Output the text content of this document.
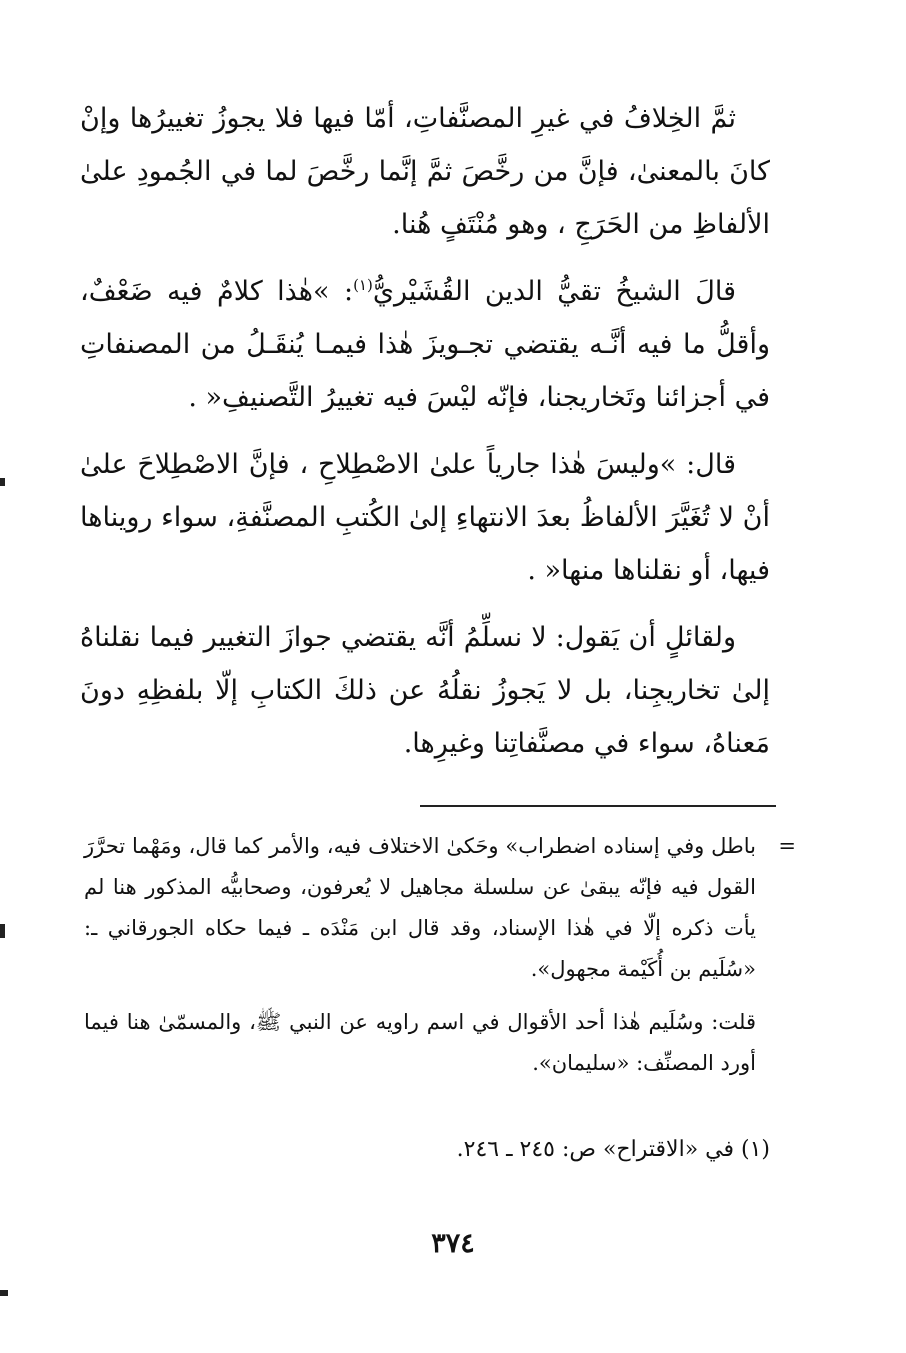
ثمَّ الخِلافُ في غيرِ المصنَّفاتِ، أمّا فيها فلا يجوزُ تغييرُها وإنْ كانَ بالمعنىٰ، فإنَّ من رخَّصَ ثمَّ إنَّما رخَّصَ لما في الجُمودِ علىٰ الألفاظِ من الحَرَجِ ، وهو مُنْتَفٍ هُنا.

قالَ الشيخُ تقيُّ الدين القُشَيْريُّ$^{(١)}$: »هٰذا كلامٌ فيه ضَعْفٌ، وأقلُّ ما فيه أنَّـه يقتضي تجـويزَ هٰذا فيمـا يُنقَـلُ من المصنفاتِ في أجزائنا وتَخاريجنا، فإنّه ليْسَ فيه تغييرُ التَّصنيفِ« .

قال: »وليسَ هٰذا جارياً علىٰ الاصْطِلاحِ ، فإنَّ الاصْطِلاحَ علىٰ أنْ لا تُغَيَّرَ الألفاظُ بعدَ الانتهاءِ إلىٰ الكُتبِ المصنَّفةِ، سواء رويناها فيها، أو نقلناها منها« .

ولقائلٍ أن يَقول: لا نسلِّمُ أنَّه يقتضي جوازَ التغيير فيما نقلناهُ إلىٰ تخاريجِنا، بل لا يَجوزُ نقلُهُ عن ذلكَ الكتابِ إلّا بلفظِهِ دونَ مَعناهُ، سواء في مصنَّفاتِنا وغيرِها.

=

باطل وفي إسناده اضطراب» وحَكىٰ الاختلاف فيه، والأمر كما قال، ومَهْما تحرَّرَ القول فيه فإنّه يبقىٰ عن سلسلة مجاهيل لا يُعرفون، وصحابيُّه المذكور هنا لم يأت ذكره إلّا في هٰذا الإسناد، وقد قال ابن مَنْدَه ـ فيما حكاه الجورقاني ـ: «سُلَيم بن أُكَيْمة مجهول».

قلت: وسُلَيم هٰذا أحد الأقوال في اسم راويه عن النبي ﷺ، والمسمّىٰ هنا فيما أورد المصنِّف: «سليمان».

(١) في «الاقتراح» ص: ٢٤٥ ـ ٢٤٦.
٣٧٤
